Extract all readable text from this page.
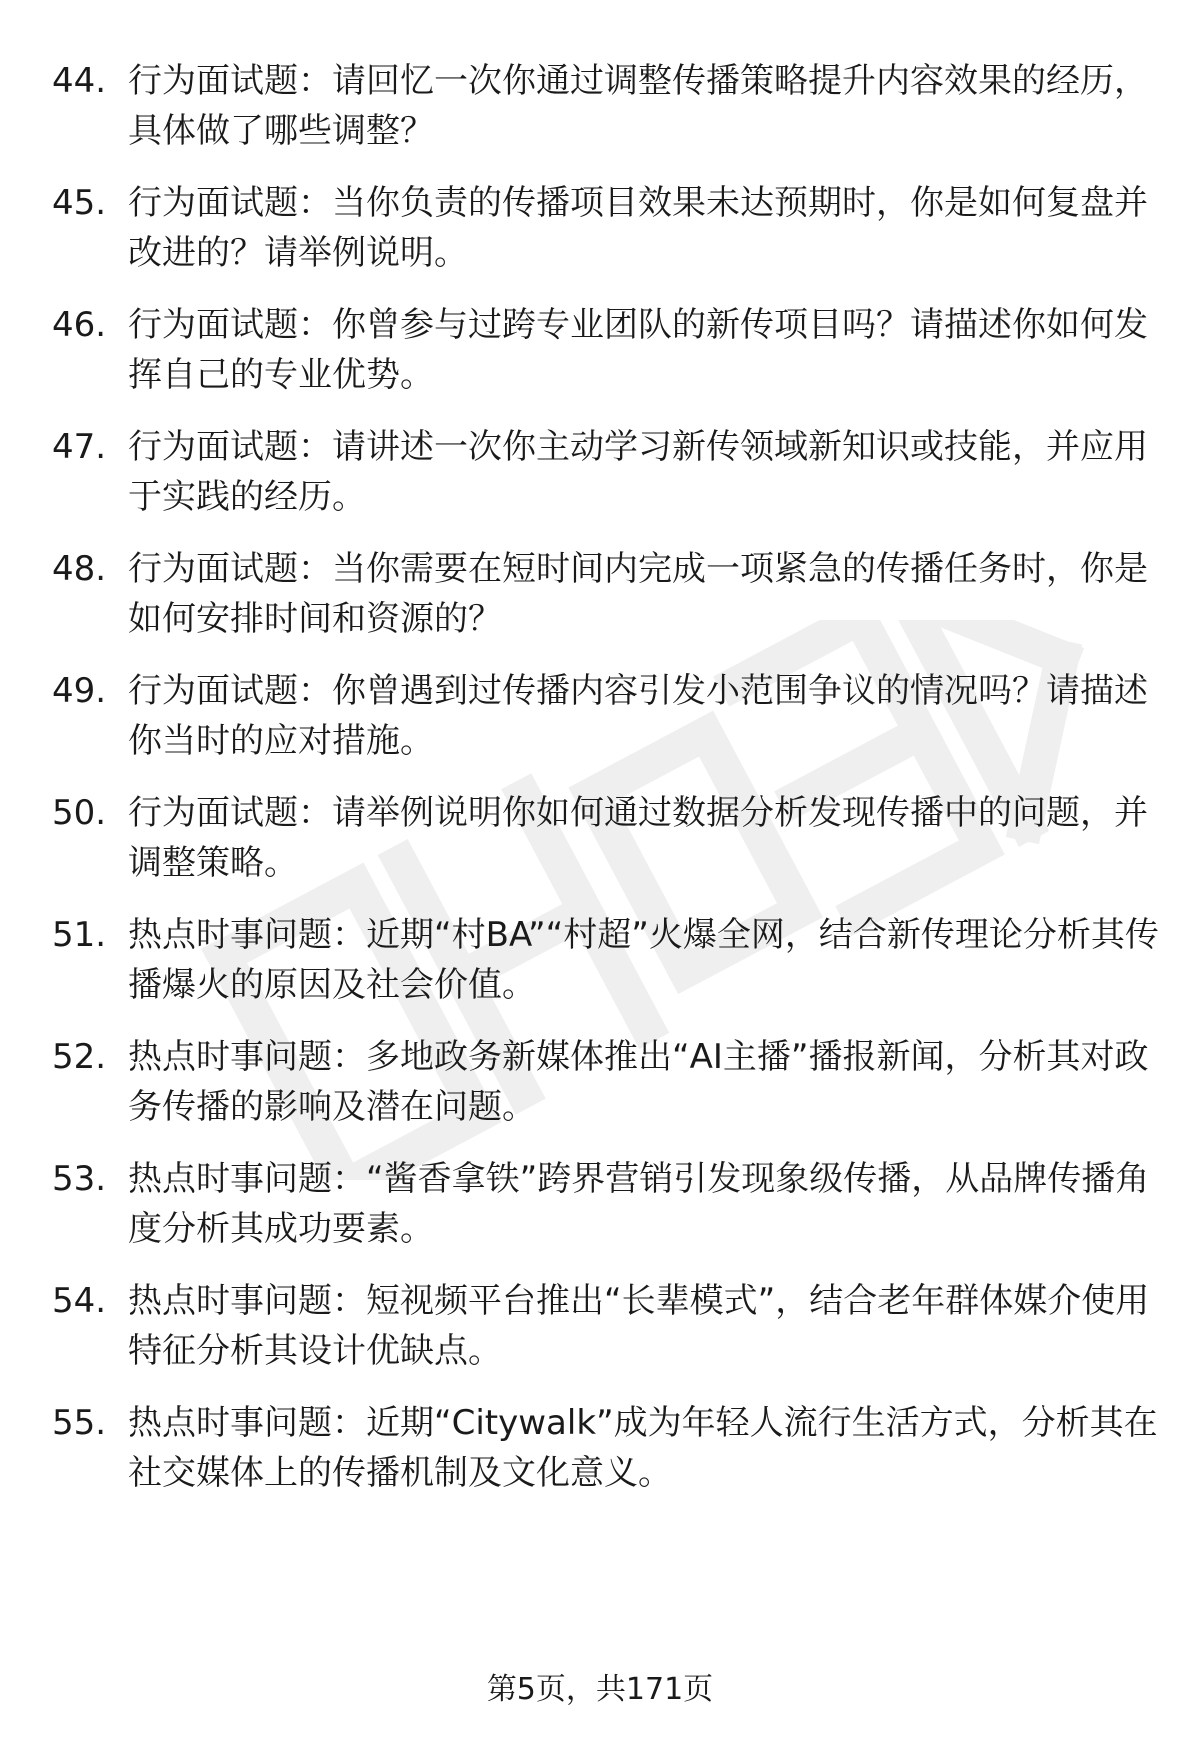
44. 行为面试题：请回忆一次你通过调整传播策略提升内容效果的经历，具体做了哪些调整？
45. 行为面试题：当你负责的传播项目效果未达预期时，你是如何复盘并改进的？请举例说明。
46. 行为面试题：你曾参与过跨专业团队的新传项目吗？请描述你如何发挥自己的专业优势。
47. 行为面试题：请讲述一次你主动学习新传领域新知识或技能，并应用于实践的经历。
48. 行为面试题：当你需要在短时间内完成一项紧急的传播任务时，你是如何安排时间和资源的？
49. 行为面试题：你曾遇到过传播内容引发小范围争议的情况吗？请描述你当时的应对措施。
50. 行为面试题：请举例说明你如何通过数据分析发现传播中的问题，并调整策略。
51. 热点时事问题：近期“村BA”“村超”火爆全网，结合新传理论分析其传播爆火的原因及社会价值。
52. 热点时事问题：多地政务新媒体推出“AI主播”播报新闻，分析其对政务传播的影响及潜在问题。
53. 热点时事问题：“酱香拿铁”跨界营销引发现象级传播，从品牌传播角度分析其成功要素。
54. 热点时事问题：短视频平台推出“长辈模式”，结合老年群体媒介使用特征分析其设计优缺点。
55. 热点时事问题：近期“Citywalk”成为年轻人流行生活方式，分析其在社交媒体上的传播机制及文化意义。
第5页，共171页
